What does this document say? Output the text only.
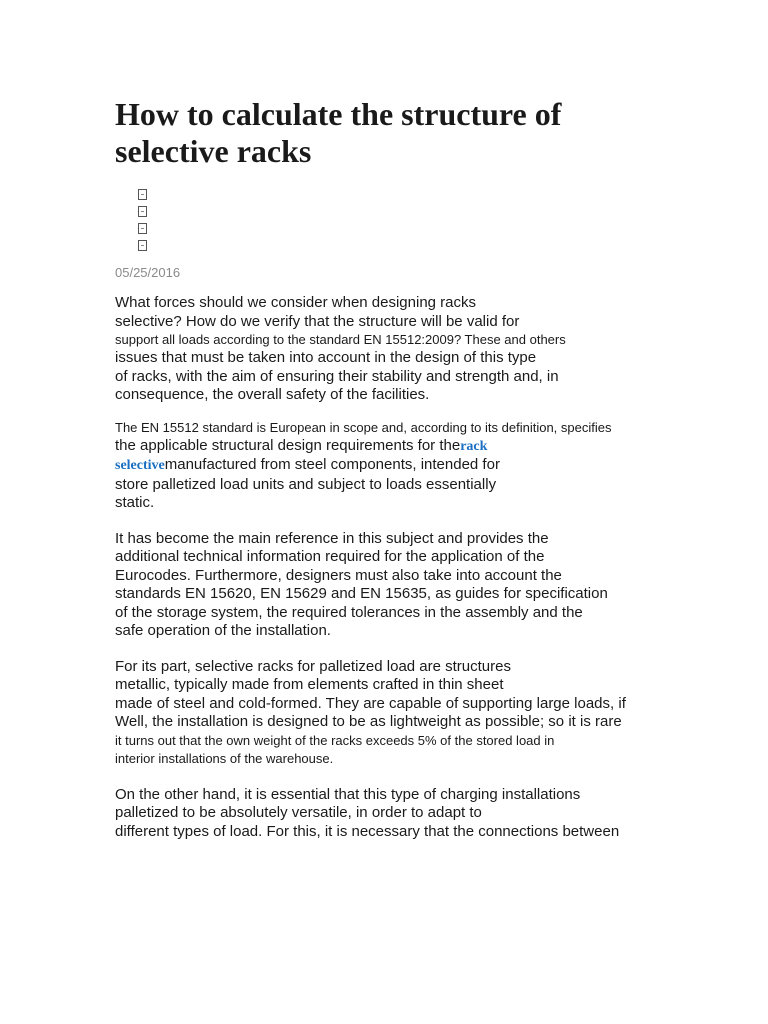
How to calculate the structure of
selective racks
05/25/2016

What forces should we consider when designing racks
selective? How do we verify that the structure will be valid for
support all loads according to the standard EN 15512:2009? These and others
issues that must be taken into account in the design of this type
of racks, with the aim of ensuring their stability and strength and, in
consequence, the overall safety of the facilities.

The EN 15512 standard is European in scope and, according to its definition, specifies
the applicable structural design requirements for therack
selectivemanufactured from steel components, intended for
store palletized load units and subject to loads essentially
static.

It has become the main reference in this subject and provides the
additional technical information required for the application of the
Eurocodes. Furthermore, designers must also take into account the
standards EN 15620, EN 15629 and EN 15635, as guides for specification
of the storage system, the required tolerances in the assembly and the
safe operation of the installation.

For its part, selective racks for palletized load are structures
metallic, typically made from elements crafted in thin sheet
made of steel and cold-formed. They are capable of supporting large loads, if
Well, the installation is designed to be as lightweight as possible; so it is rare
it turns out that the own weight of the racks exceeds 5% of the stored load in
interior installations of the warehouse.

On the other hand, it is essential that this type of charging installations
palletized to be absolutely versatile, in order to adapt to
different types of load. For this, it is necessary that the connections between
